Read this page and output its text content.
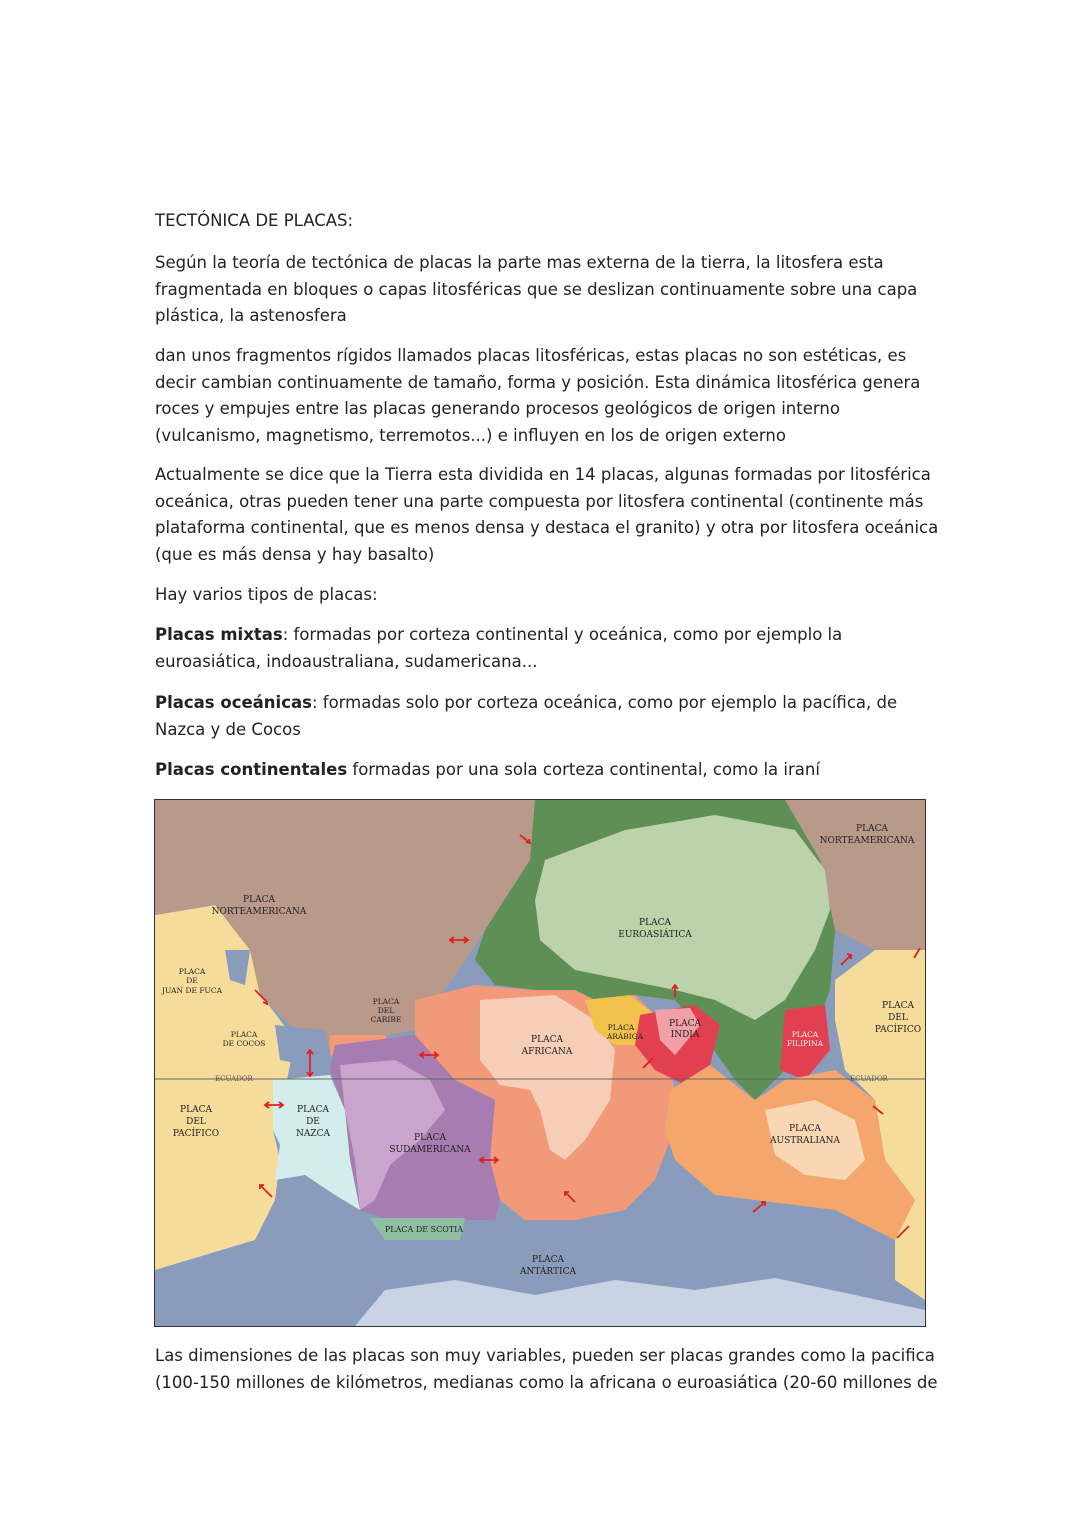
TECTÓNICA DE PLACAS:

Según la teoría de tectónica de placas la parte mas externa de la tierra, la litosfera esta fragmentada en bloques o capas litosféricas que se deslizan continuamente sobre una capa plástica, la astenosfera

dan unos fragmentos rígidos llamados placas litosféricas, estas placas no son estéticas, es decir cambian continuamente de tamaño, forma y posición. Esta dinámica litosférica genera roces y empujes entre las placas generando procesos geológicos de origen interno (vulcanismo, magnetismo, terremotos...) e influyen en los de origen externo

Actualmente se dice que la Tierra esta dividida en 14 placas, algunas formadas por litosférica oceánica, otras pueden tener una parte compuesta por litosfera continental (continente más plataforma continental, que es menos densa y destaca el granito) y otra por litosfera oceánica (que es más densa y hay basalto)

Hay varios tipos de placas:

Placas mixtas: formadas por corteza continental y oceánica, como por ejemplo la euroasiática, indoaustraliana, sudamericana...

Placas oceánicas: formadas solo por corteza oceánica, como por ejemplo la pacífica, de Nazca y de Cocos

Placas continentales formadas por una sola corteza continental, como la iraní

ECUADOR	ECUADOR
PLACA
NORTEAMERICANA
PLACA
NORTEAMERICANA
PLACA
EUROASIÁTICA
PLACA
DE
JUAN DE FUCA
PLACA
DEL
CARIBE
PLACA
DE COCOS	PLACA
AFRICANA
PLACA
ARÁBIGA
PLACA
INDIA	PLACA
FILIPINA
PLACA
DEL
PACÍFICO
PLACA
DEL
PACÍFICO
PLACA
DE
NAZCA	PLACA
SUDAMERICANA
PLACA
AUSTRALIANA
PLACA DE SCOTIA
PLACA
ANTÁRTICA

Las dimensiones de las placas son muy variables, pueden ser placas grandes como la pacifica (100-150 millones de kilómetros, medianas como la africana o euroasiática (20-60 millones de
